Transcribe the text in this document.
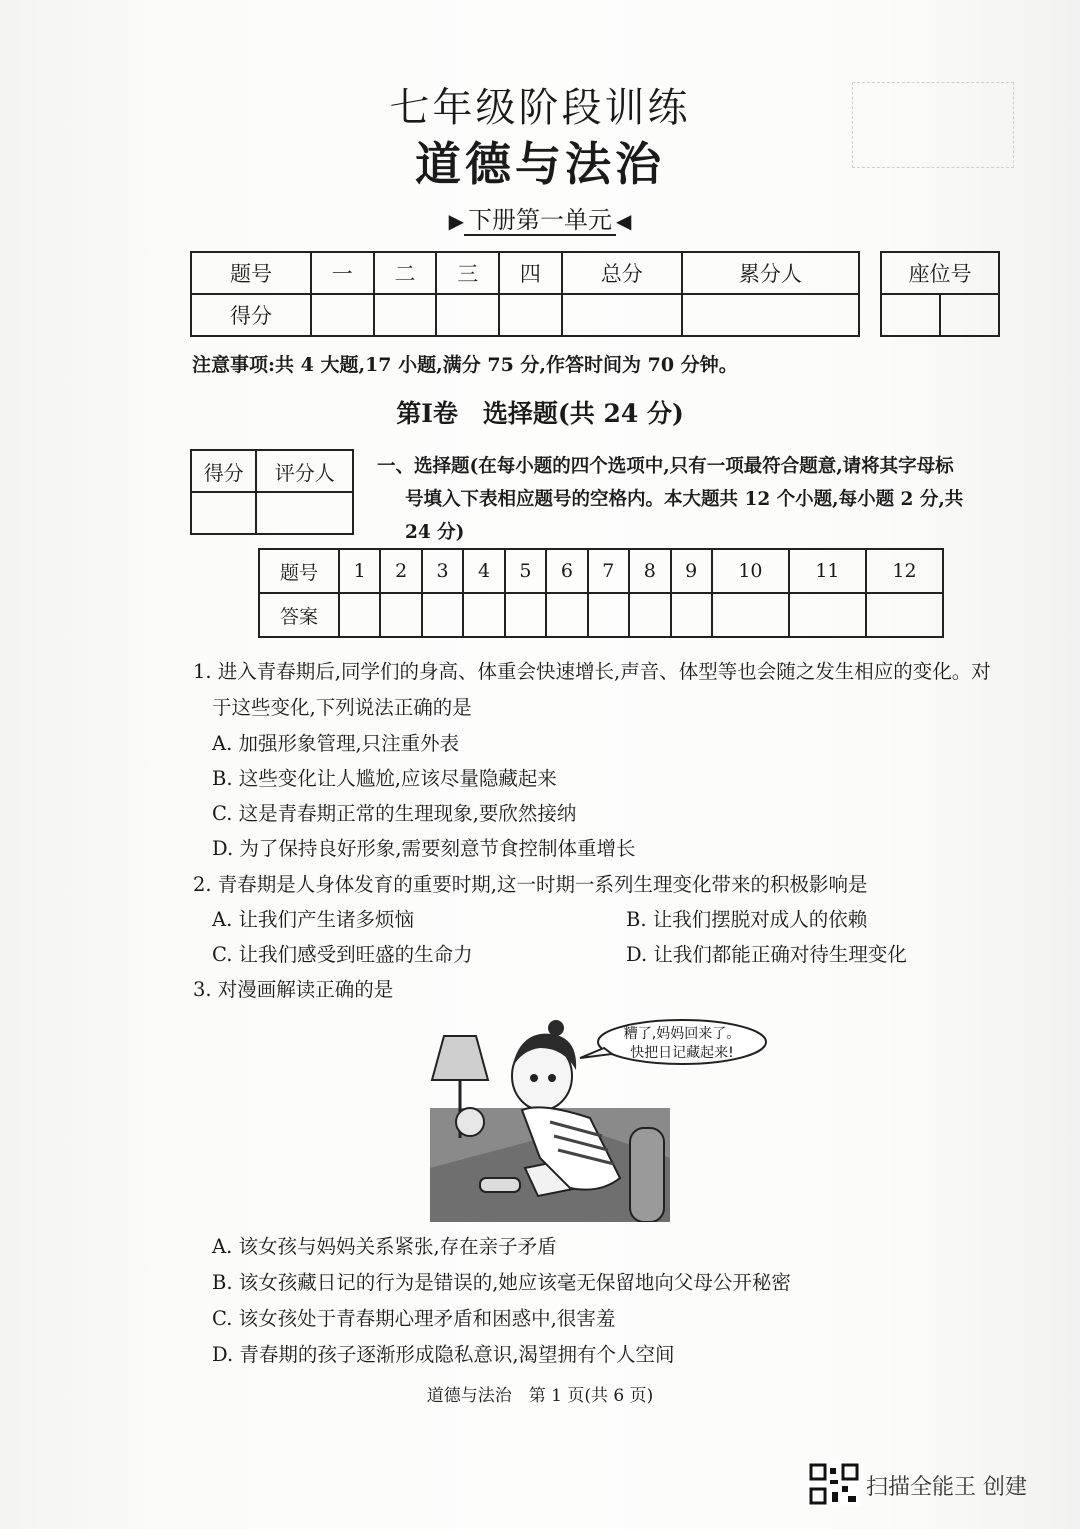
七年级阶段训练
道德与法治
▶ 下册第一单元 ◀
题号	一	二	三	四	总分	累分人
得分						
座位号

注意事项:共 4 大题,17 小题,满分 75 分,作答时间为 70 分钟。
第Ⅰ卷　选择题(共 24 分)
得分	评分人
	一、选择题(在每小题的四个选项中,只有一项最符合题意,请将其字母标
号填入下表相应题号的空格内。本大题共 12 个小题,每小题 2 分,共
24 分)
题号	1	2	3	4	5	6	7	8	9	10	11	12
答案												
1. 进入青春期后,同学们的身高、体重会快速增长,声音、体型等也会随之发生相应的变化。对
于这些变化,下列说法正确的是
A. 加强形象管理,只注重外表
B. 这些变化让人尴尬,应该尽量隐藏起来
C. 这是青春期正常的生理现象,要欣然接纳
D. 为了保持良好形象,需要刻意节食控制体重增长
2. 青春期是人身体发育的重要时期,这一时期一系列生理变化带来的积极影响是
A. 让我们产生诸多烦恼	B. 让我们摆脱对成人的依赖
C. 让我们感受到旺盛的生命力	D. 让我们都能正确对待生理变化
3. 对漫画解读正确的是
糟了,妈妈回来了。
快把日记藏起来!
A. 该女孩与妈妈关系紧张,存在亲子矛盾
B. 该女孩藏日记的行为是错误的,她应该毫无保留地向父母公开秘密
C. 该女孩处于青春期心理矛盾和困惑中,很害羞
D. 青春期的孩子逐渐形成隐私意识,渴望拥有个人空间
道德与法治　第 1 页(共 6 页)
扫描全能王 创建
